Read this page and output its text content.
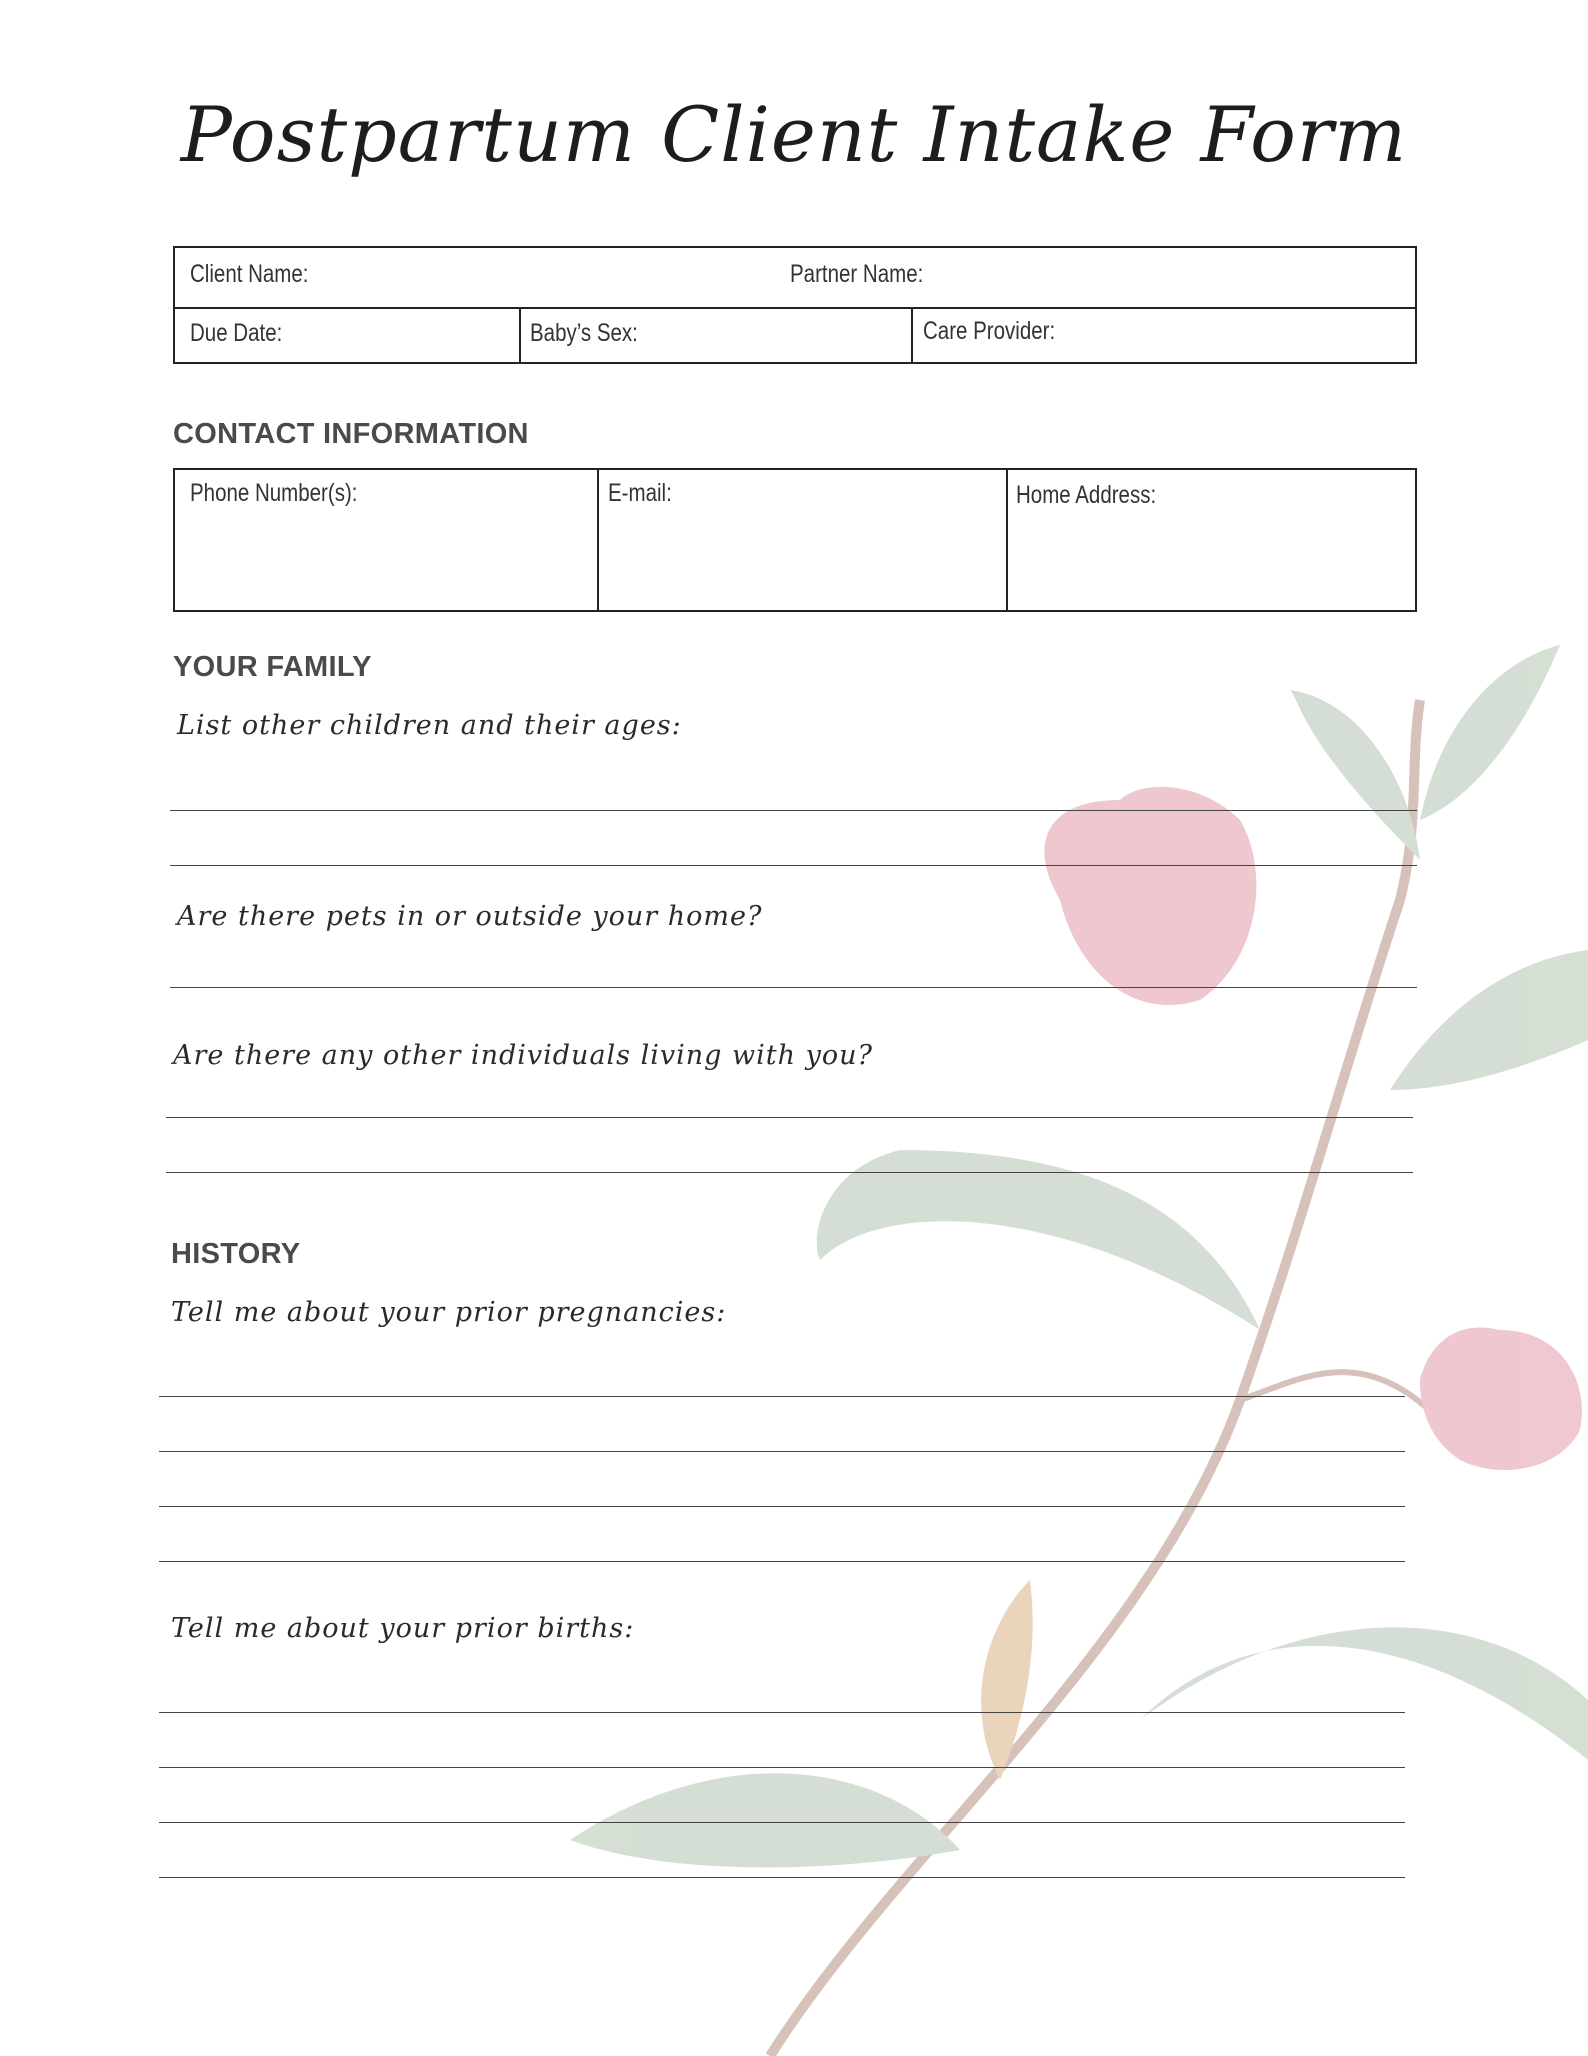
Postpartum Client Intake Form
Client Name:	Partner Name:
Due Date:	Baby’s Sex:	Care Provider:
CONTACT INFORMATION
Phone Number(s):	E-mail:	Home Address:
YOUR FAMILY
List other children and their ages:
Are there pets in or outside your home?
Are there any other individuals living with you?
HISTORY
Tell me about your prior pregnancies:
Tell me about your prior births:
